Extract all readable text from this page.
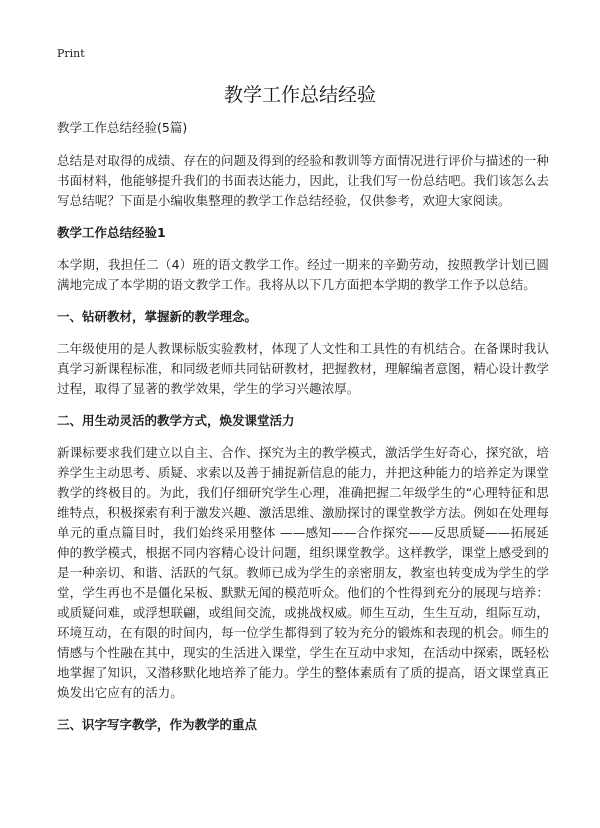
Print
教学工作总结经验

教学工作总结经验(5篇)

总结是对取得的成绩、存在的问题及得到的经验和教训等方面情况进行评价与描述的一种书面材料，他能够提升我们的书面表达能力，因此，让我们写一份总结吧。我们该怎么去写总结呢？下面是小编收集整理的教学工作总结经验，仅供参考，欢迎大家阅读。

教学工作总结经验1

本学期，我担任二（4）班的语文教学工作。经过一期来的辛勤劳动，按照教学计划已圆满地完成了本学期的语文教学工作。我将从以下几方面把本学期的教学工作予以总结。

一、钻研教材，掌握新的教学理念。

二年级使用的是人教课标版实验教材，体现了人文性和工具性的有机结合。在备课时我认真学习新课程标准，和同级老师共同钻研教材，把握教材，理解编者意图，精心设计教学过程，取得了显著的教学效果，学生的学习兴趣浓厚。

二、用生动灵活的教学方式，焕发课堂活力

新课标要求我们建立以自主、合作、探究为主的教学模式，激活学生好奇心，探究欲，培养学生主动思考、质疑、求索以及善于捕捉新信息的能力，并把这种能力的培养定为课堂教学的终极目的。为此，我们仔细研究学生心理，准确把握二年级学生的“心理特征和思维特点，积极探索有利于激发兴趣、激活思维、激励探讨的课堂教学方法。例如在处理每单元的重点篇目时，我们始终采用整体 ——感知——合作探究——反思质疑——拓展延伸的教学模式，根据不同内容精心设计问题，组织课堂教学。这样教学，课堂上感受到的是一种亲切、和谐、活跃的气氛。教师已成为学生的亲密朋友，教室也转变成为学生的学堂，学生再也不是僵化呆板、默默无闻的模范听众。他们的个性得到充分的展现与培养：或质疑问难，或浮想联翩，或组间交流，或挑战权威。师生互动，生生互动，组际互动，环境互动，在有限的时间内，每一位学生都得到了较为充分的锻炼和表现的机会。师生的情感与个性融在其中，现实的生活进入课堂，学生在互动中求知，在活动中探索，既轻松地掌握了知识，又潜移默化地培养了能力。学生的整体素质有了质的提高，语文课堂真正焕发出它应有的活力。

三、识字写字教学，作为教学的重点
